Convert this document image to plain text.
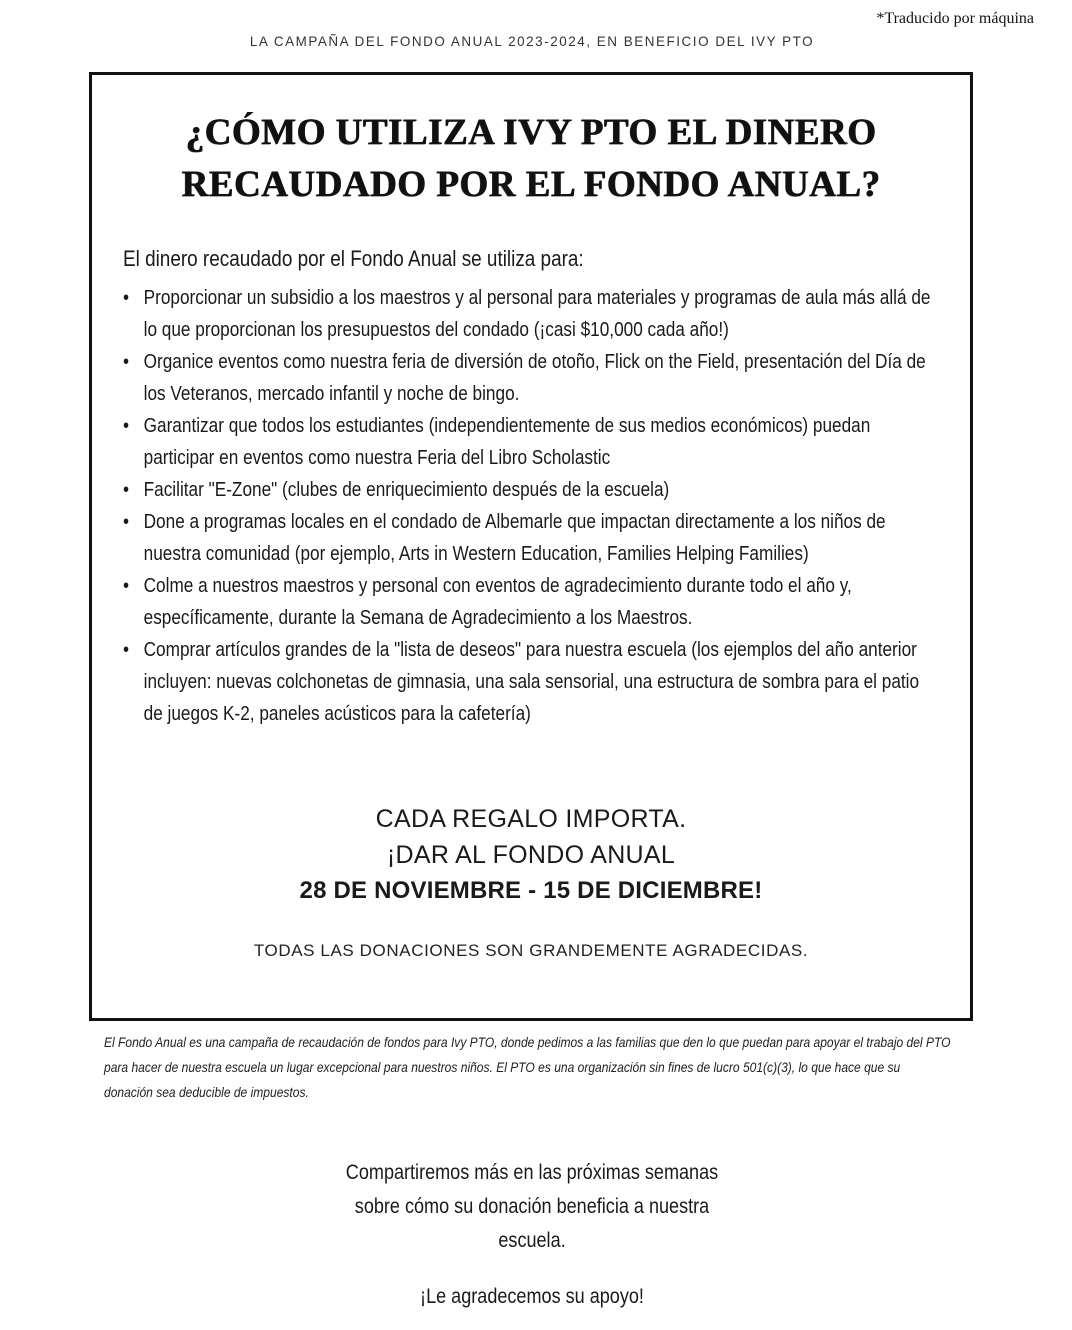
*Traducido por máquina
LA CAMPAÑA DEL FONDO ANUAL 2023-2024, EN BENEFICIO DEL IVY PTO
¿CÓMO UTILIZA IVY PTO EL DINERO
RECAUDADO POR EL FONDO ANUAL?
El dinero recaudado por el Fondo Anual se utiliza para:
• Proporcionar un subsidio a los maestros y al personal para materiales y programas de aula más allá de lo que proporcionan los presupuestos del condado (¡casi $10,000 cada año!)
• Organice eventos como nuestra feria de diversión de otoño, Flick on the Field, presentación del Día de los Veteranos, mercado infantil y noche de bingo.
• Garantizar que todos los estudiantes (independientemente de sus medios económicos) puedan participar en eventos como nuestra Feria del Libro Scholastic
• Facilitar "E-Zone" (clubes de enriquecimiento después de la escuela)
• Done a programas locales en el condado de Albemarle que impactan directamente a los niños de nuestra comunidad (por ejemplo, Arts in Western Education, Families Helping Families)
• Colme a nuestros maestros y personal con eventos de agradecimiento durante todo el año y, específicamente, durante la Semana de Agradecimiento a los Maestros.
• Comprar artículos grandes de la "lista de deseos" para nuestra escuela (los ejemplos del año anterior incluyen: nuevas colchonetas de gimnasia, una sala sensorial, una estructura de sombra para el patio de juegos K-2, paneles acústicos para la cafetería)
CADA REGALO IMPORTA.
¡DAR AL FONDO ANUAL
28 DE NOVIEMBRE - 15 DE DICIEMBRE!
TODAS LAS DONACIONES SON GRANDEMENTE AGRADECIDAS.
El Fondo Anual es una campaña de recaudación de fondos para Ivy PTO, donde pedimos a las familias que den lo que puedan para apoyar el trabajo del PTO para hacer de nuestra escuela un lugar excepcional para nuestros niños. El PTO es una organización sin fines de lucro 501(c)(3), lo que hace que su donación sea deducible de impuestos.
Compartiremos más en las próximas semanas sobre cómo su donación beneficia a nuestra escuela.
¡Le agradecemos su apoyo!
